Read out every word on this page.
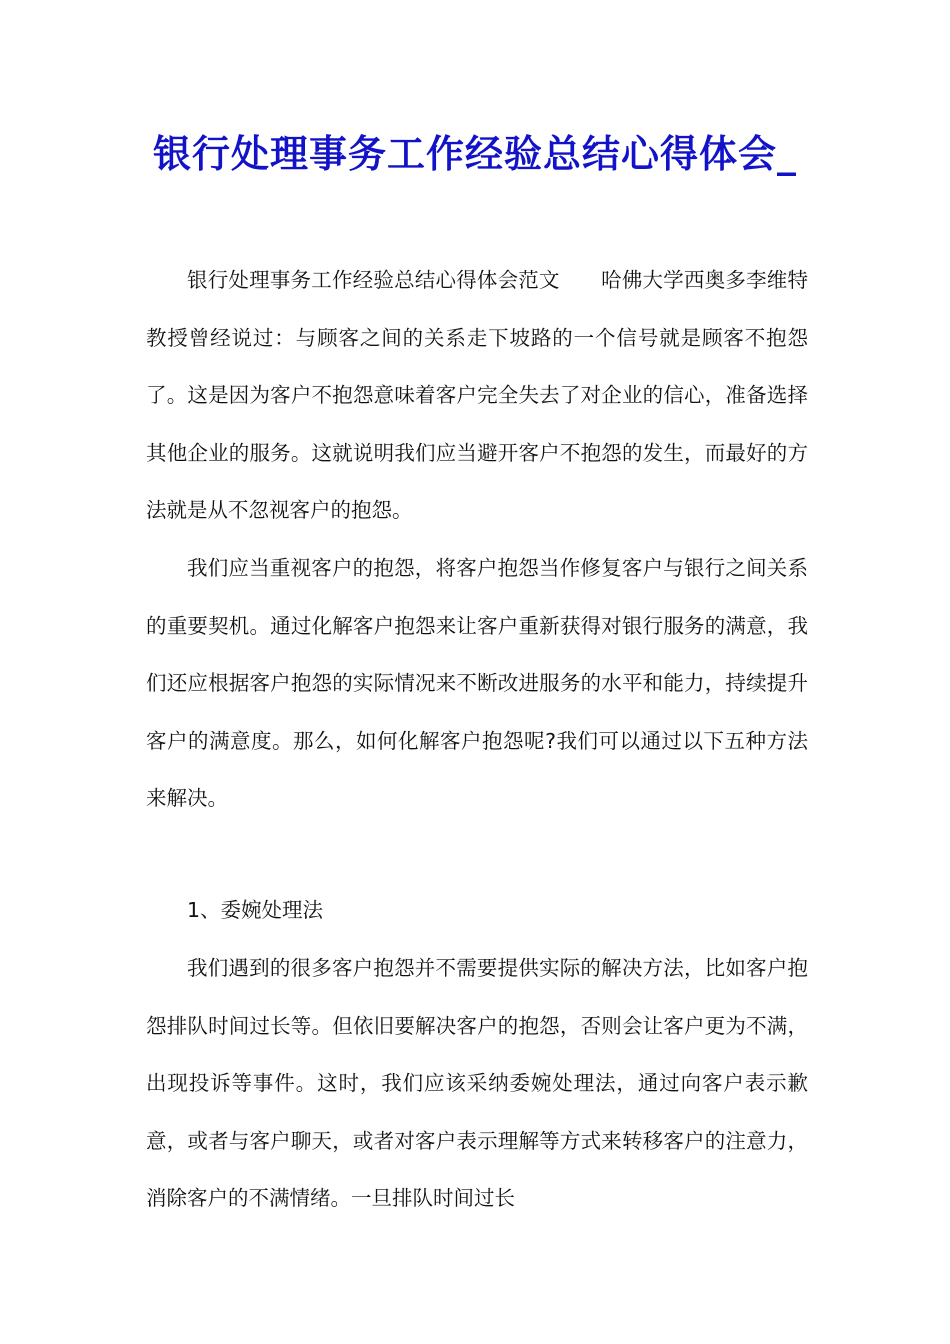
银行处理事务工作经验总结心得体会_

银行处理事务工作经验总结心得体会范文　　哈佛大学西奥多李维特教授曾经说过：与顾客之间的关系走下坡路的一个信号就是顾客不抱怨了。这是因为客户不抱怨意味着客户完全失去了对企业的信心，准备选择其他企业的服务。这就说明我们应当避开客户不抱怨的发生，而最好的方法就是从不忽视客户的抱怨。

我们应当重视客户的抱怨，将客户抱怨当作修复客户与银行之间关系的重要契机。通过化解客户抱怨来让客户重新获得对银行服务的满意，我们还应根据客户抱怨的实际情况来不断改进服务的水平和能力，持续提升客户的满意度。那么，如何化解客户抱怨呢?我们可以通过以下五种方法来解决。

1、委婉处理法

我们遇到的很多客户抱怨并不需要提供实际的解决方法，比如客户抱怨排队时间过长等。但依旧要解决客户的抱怨，否则会让客户更为不满，出现投诉等事件。这时，我们应该采纳委婉处理法，通过向客户表示歉意，或者与客户聊天，或者对客户表示理解等方式来转移客户的注意力，消除客户的不满情绪。一旦排队时间过长
